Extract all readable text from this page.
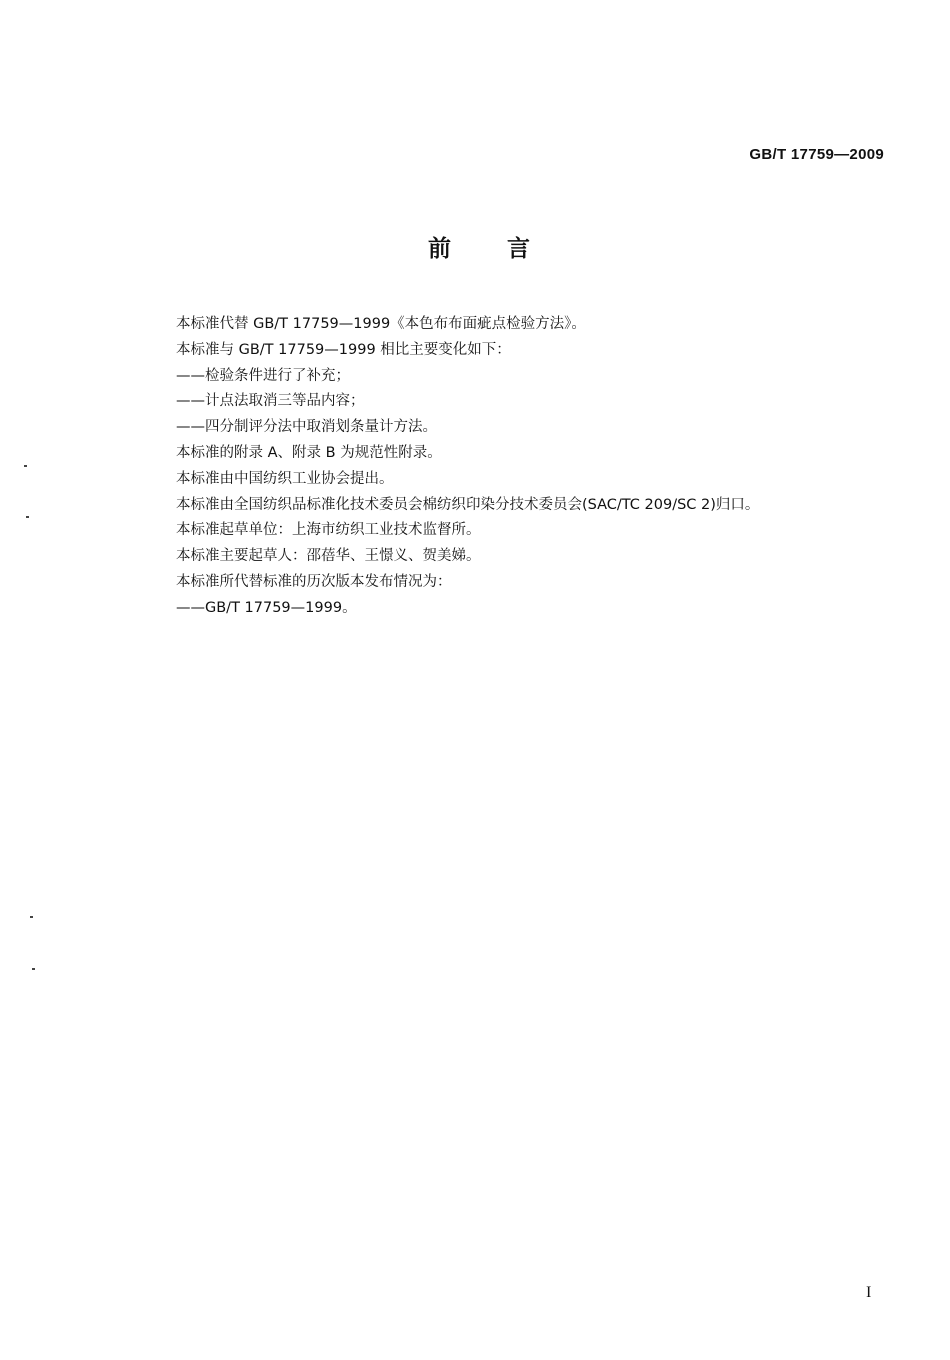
GB/T 17759—2009
前言
本标准代替 GB/T 17759—1999《本色布布面疵点检验方法》。
本标准与 GB/T 17759—1999 相比主要变化如下：
——检验条件进行了补充；
——计点法取消三等品内容；
——四分制评分法中取消划条量计方法。
本标准的附录 A、附录 B 为规范性附录。
本标准由中国纺织工业协会提出。
本标准由全国纺织品标准化技术委员会棉纺织印染分技术委员会(SAC/TC 209/SC 2)归口。
本标准起草单位：上海市纺织工业技术监督所。
本标准主要起草人：邵蓓华、王憬义、贺美娣。
本标准所代替标准的历次版本发布情况为：
——GB/T 17759—1999。
I
